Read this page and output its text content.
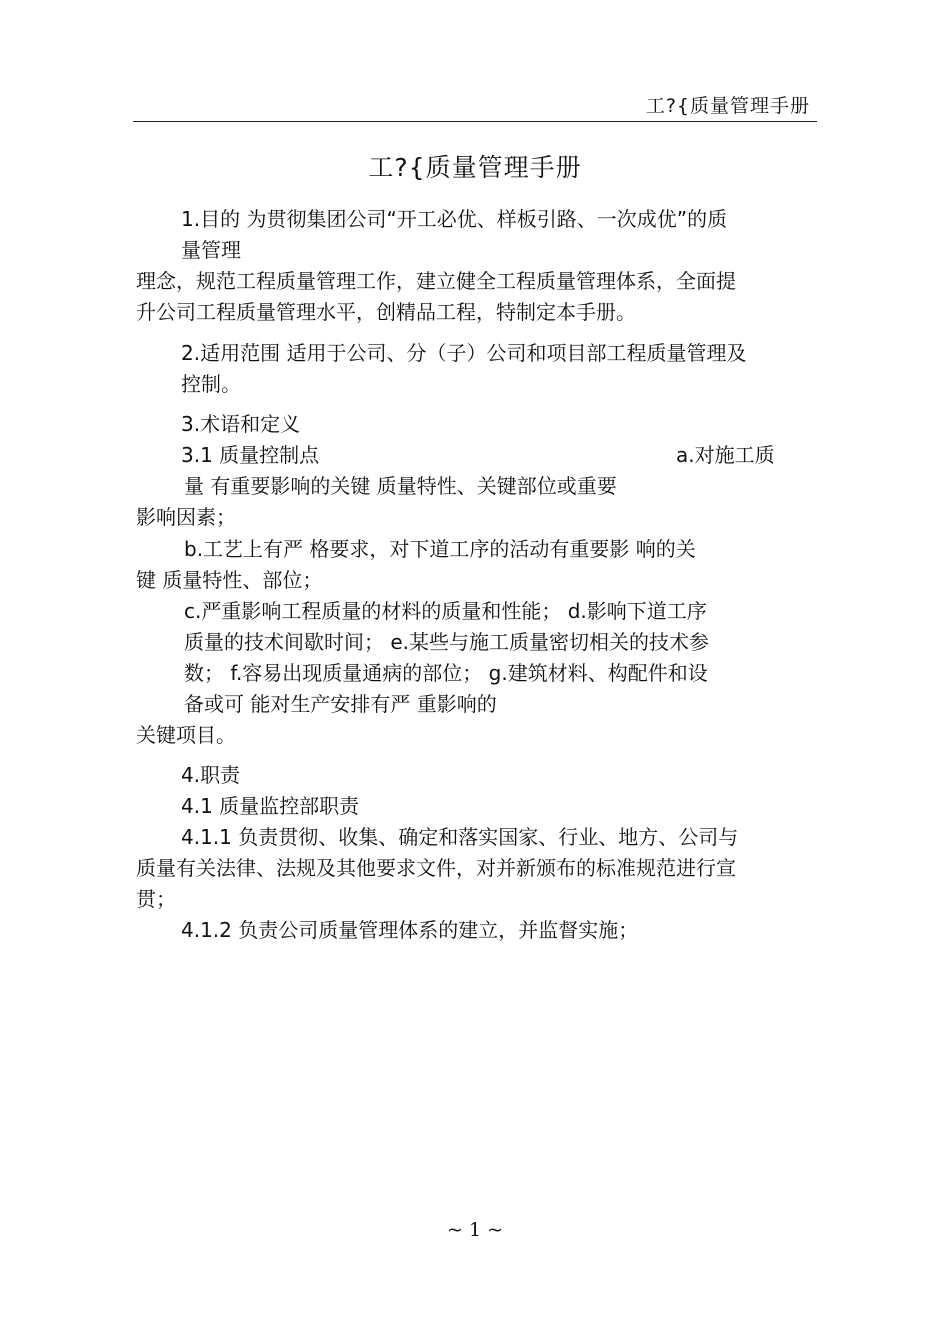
工?{质量管理手册
工?{质量管理手册
1.目的 为贯彻集团公司“开工必优、样板引路、一次成优”的质
量管理
理念，规范工程质量管理工作，建立健全工程质量管理体系，全面提
升公司工程质量管理水平，创精品工程，特制定本手册。
2.适用范围 适用于公司、分（子）公司和项目部工程质量管理及
控制。
3.术语和定义
3.1 质量控制点	a.对施工质
量 有重要影响的关键 质量特性、关键部位或重要
影响因素；
b.工艺上有严 格要求，对下道工序的活动有重要影 响的关
键 质量特性、部位；
c.严重影响工程质量的材料的质量和性能； d.影响下道工序
质量的技术间歇时间； e.某些与施工质量密切相关的技术参
数； f.容易出现质量通病的部位； g.建筑材料、构配件和设
备或可 能对生产安排有严 重影响的
关键项目。
4.职责
4.1 质量监控部职责
4.1.1 负责贯彻、收集、确定和落实国家、行业、地方、公司与
质量有关法律、法规及其他要求文件，对并新颁布的标准规范进行宣
贯；
4.1.2 负责公司质量管理体系的建立，并监督实施；
~ 1 ~
